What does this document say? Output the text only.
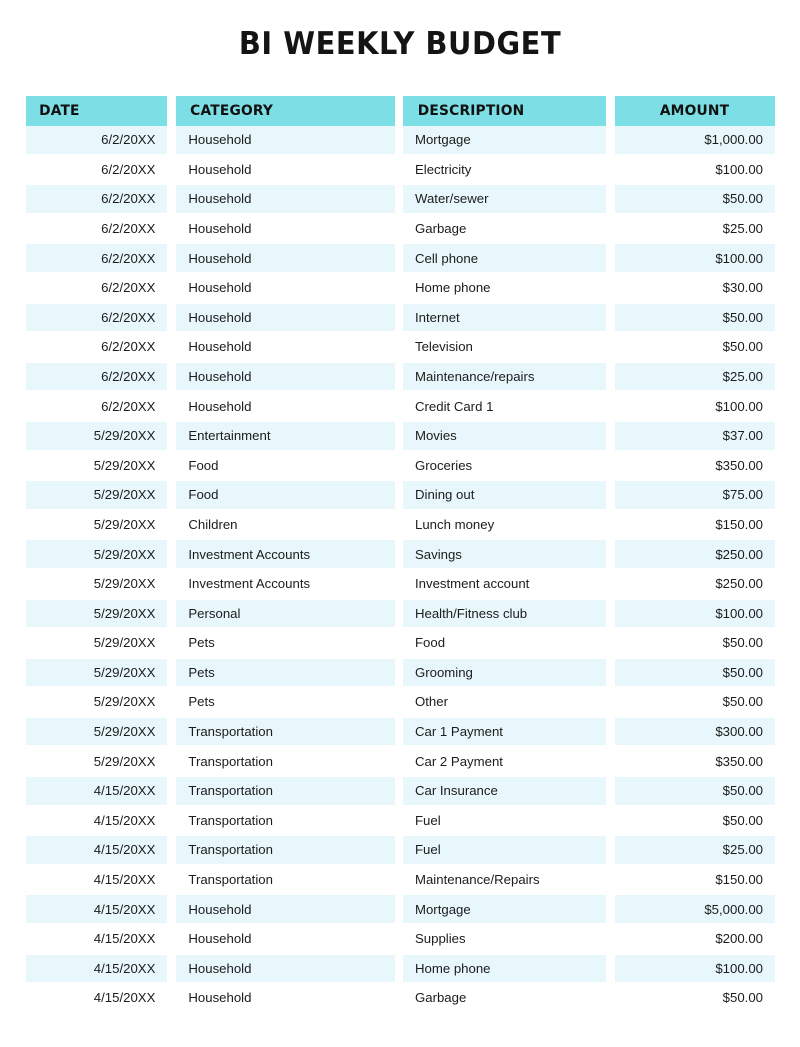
BI WEEKLY BUDGET
DATE	CATEGORY	DESCRIPTION	AMOUNT
6/2/20XX	Household	Mortgage	$1,000.00
6/2/20XX	Household	Electricity	$100.00
6/2/20XX	Household	Water/sewer	$50.00
6/2/20XX	Household	Garbage	$25.00
6/2/20XX	Household	Cell phone	$100.00
6/2/20XX	Household	Home phone	$30.00
6/2/20XX	Household	Internet	$50.00
6/2/20XX	Household	Television	$50.00
6/2/20XX	Household	Maintenance/repairs	$25.00
6/2/20XX	Household	Credit Card 1	$100.00
5/29/20XX	Entertainment	Movies	$37.00
5/29/20XX	Food	Groceries	$350.00
5/29/20XX	Food	Dining out	$75.00
5/29/20XX	Children	Lunch money	$150.00
5/29/20XX	Investment Accounts	Savings	$250.00
5/29/20XX	Investment Accounts	Investment account	$250.00
5/29/20XX	Personal	Health/Fitness club	$100.00
5/29/20XX	Pets	Food	$50.00
5/29/20XX	Pets	Grooming	$50.00
5/29/20XX	Pets	Other	$50.00
5/29/20XX	Transportation	Car 1 Payment	$300.00
5/29/20XX	Transportation	Car 2 Payment	$350.00
4/15/20XX	Transportation	Car Insurance	$50.00
4/15/20XX	Transportation	Fuel	$50.00
4/15/20XX	Transportation	Fuel	$25.00
4/15/20XX	Transportation	Maintenance/Repairs	$150.00
4/15/20XX	Household	Mortgage	$5,000.00
4/15/20XX	Household	Supplies	$200.00
4/15/20XX	Household	Home phone	$100.00
4/15/20XX	Household	Garbage	$50.00
